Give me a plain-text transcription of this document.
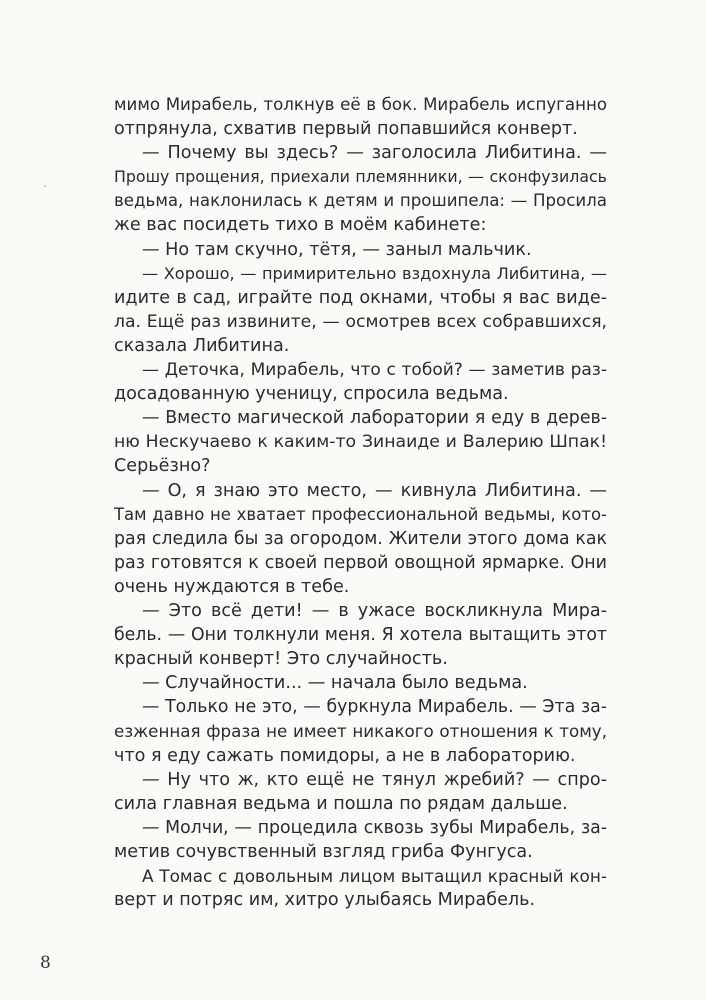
мимо Мирабель, толкнув её в бок. Мирабель испуганно
отпрянула, схватив первый попавшийся конверт.
— Почему вы здесь? — заголосила Либитина. —
Прошу прощения, приехали племянники, — сконфузилась
ведьма, наклонилась к детям и прошипела: — Просила
же вас посидеть тихо в моём кабинете:
— Но там скучно, тётя, — заныл мальчик.
— Хорошо, — примирительно вздохнула Либитина, —
идите в сад, играйте под окнами, чтобы я вас виде-
ла. Ещё раз извините, — осмотрев всех собравшихся,
сказала Либитина.
— Деточка, Мирабель, что с тобой? — заметив раз-
досадованную ученицу, спросила ведьма.
— Вместо магической лаборатории я еду в дерев-
ню Нескучаево к каким-то Зинаиде и Валерию Шпак!
Серьёзно?
— О, я знаю это место, — кивнула Либитина. —
Там давно не хватает профессиональной ведьмы, кото-
рая следила бы за огородом. Жители этого дома как
раз готовятся к своей первой овощной ярмарке. Они
очень нуждаются в тебе.
— Это всё дети! — в ужасе воскликнула Мира-
бель. — Они толкнули меня. Я хотела вытащить этот
красный конверт! Это случайность.
— Случайности... — начала было ведьма.
— Только не это, — буркнула Мирабель. — Эта за-
езженная фраза не имеет никакого отношения к тому,
что я еду сажать помидоры, а не в лабораторию.
— Ну что ж, кто ещё не тянул жребий? — спро-
сила главная ведьма и пошла по рядам дальше.
— Молчи, — процедила сквозь зубы Мирабель, за-
метив сочувственный взгляд гриба Фунгуса.
А Томас с довольным лицом вытащил красный кон-
верт и потряс им, хитро улыбаясь Мирабель.
8
